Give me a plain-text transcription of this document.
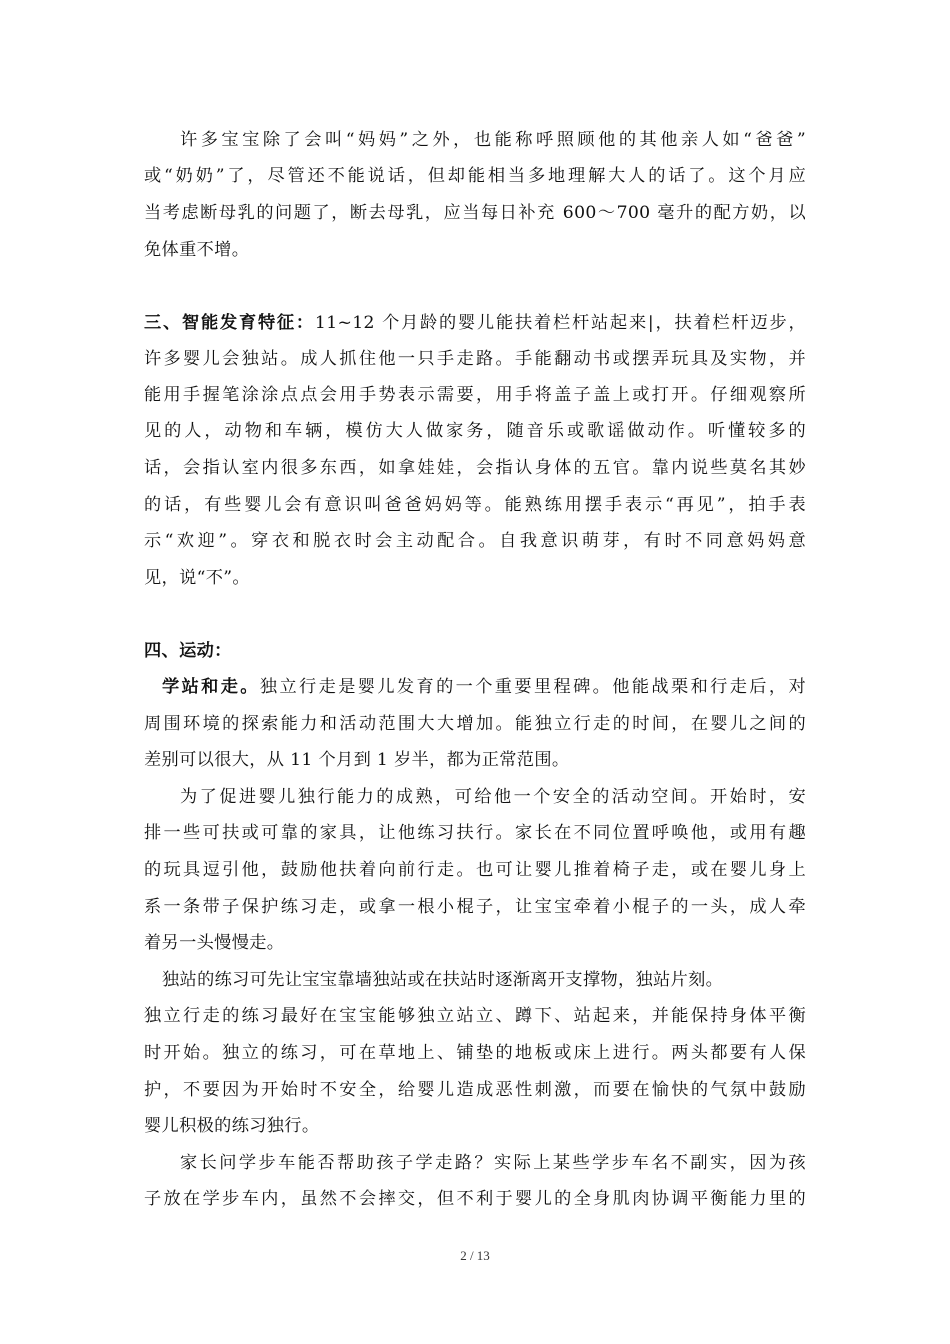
许多宝宝除了会叫“妈妈”之外，也能称呼照顾他的其他亲人如“爸爸”
或“奶奶”了，尽管还不能说话，但却能相当多地理解大人的话了。这个月应
当考虑断母乳的问题了，断去母乳，应当每日补充 600～700 毫升的配方奶，以
免体重不增。
三、智能发育特征：11~12 个月龄的婴儿能扶着栏杆站起来|，扶着栏杆迈步，
许多婴儿会独站。成人抓住他一只手走路。手能翻动书或摆弄玩具及实物，并
能用手握笔涂涂点点会用手势表示需要，用手将盖子盖上或打开。仔细观察所
见的人，动物和车辆，模仿大人做家务，随音乐或歌谣做动作。听懂较多的
话，会指认室内很多东西，如拿娃娃，会指认身体的五官。靠内说些莫名其妙
的话，有些婴儿会有意识叫爸爸妈妈等。能熟练用摆手表示“再见”，拍手表
示“欢迎”。穿衣和脱衣时会主动配合。自我意识萌芽，有时不同意妈妈意
见，说“不”。
四、运动：
学站和走。独立行走是婴儿发育的一个重要里程碑。他能战栗和行走后，对
周围环境的探索能力和活动范围大大增加。能独立行走的时间，在婴儿之间的
差别可以很大，从 11 个月到 1 岁半，都为正常范围。
为了促进婴儿独行能力的成熟，可给他一个安全的活动空间。开始时，安
排一些可扶或可靠的家具，让他练习扶行。家长在不同位置呼唤他，或用有趣
的玩具逗引他，鼓励他扶着向前行走。也可让婴儿推着椅子走，或在婴儿身上
系一条带子保护练习走，或拿一根小棍子，让宝宝牵着小棍子的一头，成人牵
着另一头慢慢走。
独站的练习可先让宝宝靠墙独站或在扶站时逐渐离开支撑物，独站片刻。
独立行走的练习最好在宝宝能够独立站立、蹲下、站起来，并能保持身体平衡
时开始。独立的练习，可在草地上、铺垫的地板或床上进行。两头都要有人保
护，不要因为开始时不安全，给婴儿造成恶性刺激，而要在愉快的气氛中鼓励
婴儿积极的练习独行。
家长问学步车能否帮助孩子学走路？实际上某些学步车名不副实，因为孩
子放在学步车内，虽然不会摔交，但不利于婴儿的全身肌肉协调平衡能力里的
2 / 13
